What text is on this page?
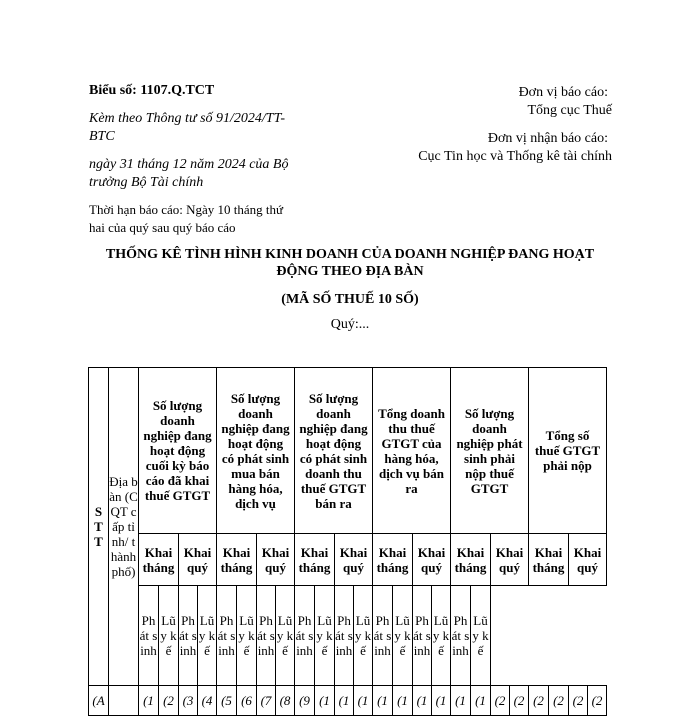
Biểu số: 1107.Q.TCT
Kèm theo Thông tư số 91/2024/TT-
BTC
ngày 31 tháng 12 năm 2024 của Bộ
trưởng Bộ Tài chính
Thời hạn báo cáo: Ngày 10 tháng thứ
hai của quý sau quý báo cáo
Đơn vị báo cáo:
Tổng cục Thuế
Đơn vị nhận báo cáo:
Cục Tin học và Thống kê tài chính
THỐNG KÊ TÌNH HÌNH KINH DOANH CỦA DOANH NGHIỆP ĐANG HOẠT
ĐỘNG THEO ĐỊA BÀN
(MÃ SỐ THUẾ 10 SỐ)
Quý:...
S T T	Địa bàn (CQT cấp tỉnh/ thành phố)	Số lượng doanh nghiệp đang hoạt động cuối kỳ báo cáo đã khai thuế GTGT				Số lượng doanh nghiệp đang hoạt động có phát sinh mua bán hàng hóa, dịch vụ				Số lượng doanh nghiệp đang hoạt động có phát sinh doanh thu thuế GTGT bán ra				Tổng doanh thu thuế GTGT của hàng hóa, dịch vụ bán ra				Số lượng doanh nghiệp phát sinh phải nộp thuế GTGT				Tổng số thuế GTGT phải nộp			
		Khai tháng		Khai quý		Khai tháng		Khai quý		Khai tháng		Khai quý		Khai tháng		Khai quý		Khai tháng		Khai quý		Khai tháng		Khai quý	
		Phát sinh	Lũy kế	Phát sinh	Lũy kế	Phát sinh	Lũy kế	Phát sinh	Lũy kế	Phát sinh	Lũy kế	Phát sinh	Lũy kế	Phát sinh	Lũy kế	Phát sinh	Lũy kế	Phát sinh	Lũy kế						
(A		(1	(2	(3	(4	(5	(6	(7	(8	(9	(1	(1	(1	(1	(1	(1	(1	(1	(1	(2	(2	(2	(2	(2	(2
